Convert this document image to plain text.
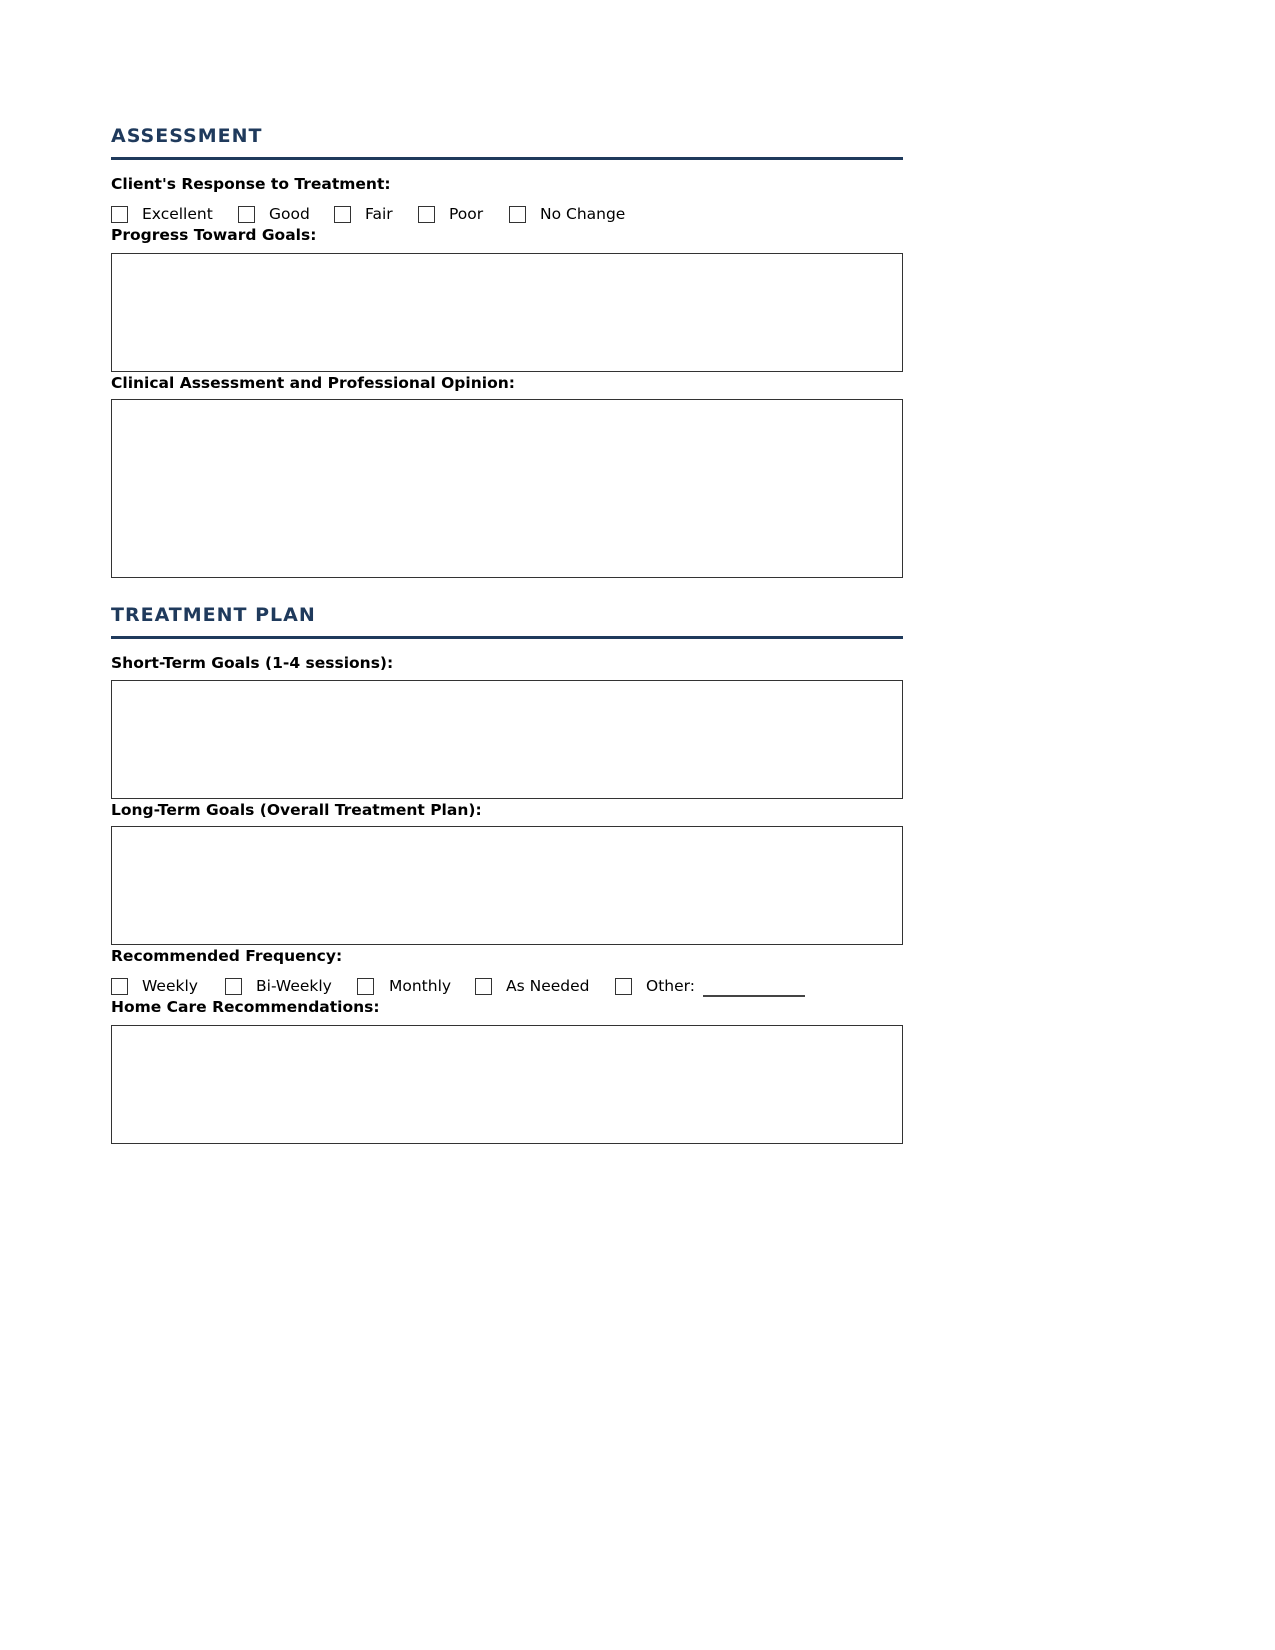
ASSESSMENT
Client's Response to Treatment:
Excellent	Good	Fair	Poor	No Change
Progress Toward Goals:
Clinical Assessment and Professional Opinion:
TREATMENT PLAN
Short-Term Goals (1-4 sessions):
Long-Term Goals (Overall Treatment Plan):
Recommended Frequency:
Weekly	Bi-Weekly	Monthly	As Needed	Other:
Home Care Recommendations:
